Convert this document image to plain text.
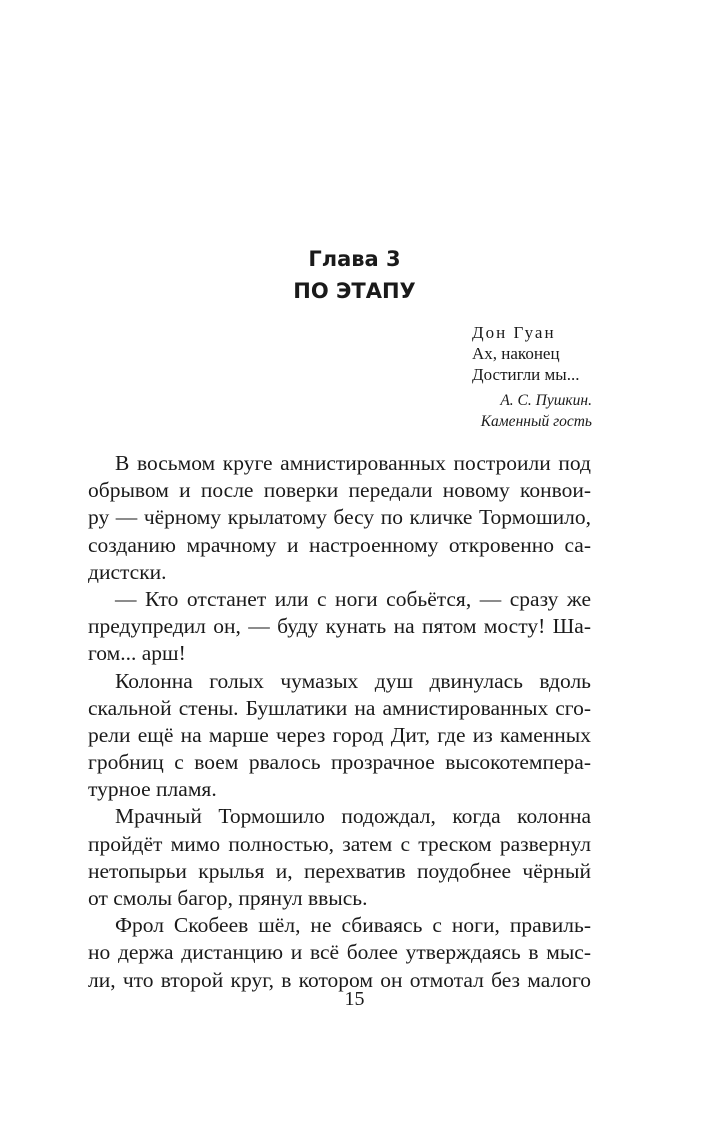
Глава 3
ПО ЭТАПУ
Дон Гуан
Ах, наконец
Достигли мы...
А. С. Пушкин.
Каменный гость

В восьмом круге амнистированных построили под
обрывом и после поверки передали новому конвои-
ру — чёрному крылатому бесу по кличке Тормошило,
созданию мрачному и настроенному откровенно са-
дистски.

— Кто отстанет или с ноги собьётся, — сразу же
предупредил он, — буду кунать на пятом мосту! Ша-
гом... арш!

Колонна голых чумазых душ двинулась вдоль
скальной стены. Бушлатики на амнистированных сго-
рели ещё на марше через город Дит, где из каменных
гробниц с воем рвалось прозрачное высокотемпера-
турное пламя.

Мрачный Тормошило подождал, когда колонна
пройдёт мимо полностью, затем с треском развернул
нетопырьи крылья и, перехватив поудобнее чёрный
от смолы багор, прянул ввысь.

Фрол Скобеев шёл, не сбиваясь с ноги, правиль-
но держа дистанцию и всё более утверждаясь в мыс-
ли, что второй круг, в котором он отмотал без малого

15
